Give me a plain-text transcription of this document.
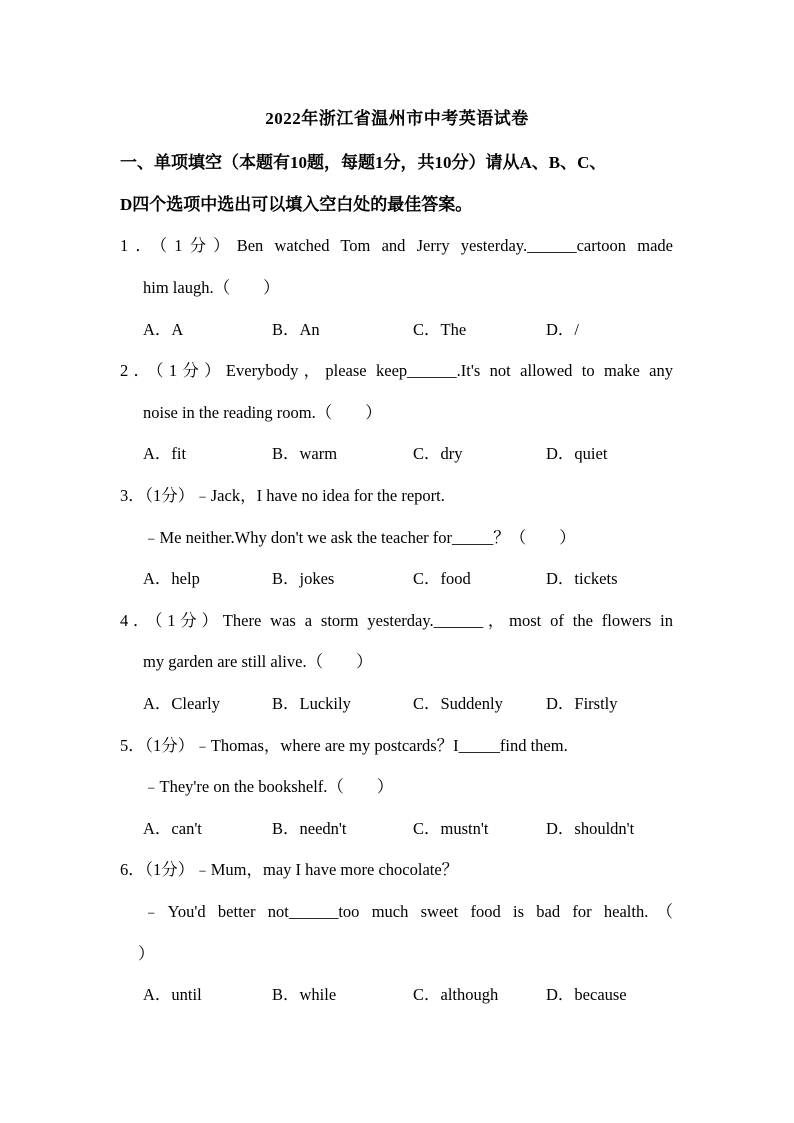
2022年浙江省温州市中考英语试卷
一、单项填空（本题有10题，每题1分，共10分）请从A、B、C、
D四个选项中选出可以填入空白处的最佳答案。
1．（1分）Ben watched Tom and Jerry yesterday.______cartoon made
him laugh.（　　）
A．A	B．An	C．The	D．/
2．（1分）Everybody，please keep______.It's not allowed to make any
noise in the reading room.（　　）
A．fit	B．warm	C．dry	D．quiet
3．（1分）﹣Jack，I have no idea for the report.
﹣Me neither.Why don't we ask the teacher for_____？（　　）
A．help	B．jokes	C．food	D．tickets
4．（1分）There was a storm yesterday.______，most of the flowers in
my garden are still alive.（　　）
A．Clearly	B．Luckily	C．Suddenly	D．Firstly
5．（1分）﹣Thomas，where are my postcards？I_____find them.
﹣They're on the bookshelf.（　　）
A．can't	B．needn't	C．mustn't	D．shouldn't
6．（1分）﹣Mum，may I have more chocolate？
﹣You'd better not______too much sweet food is bad for health.（
）
A．until	B．while	C．although	D．because
